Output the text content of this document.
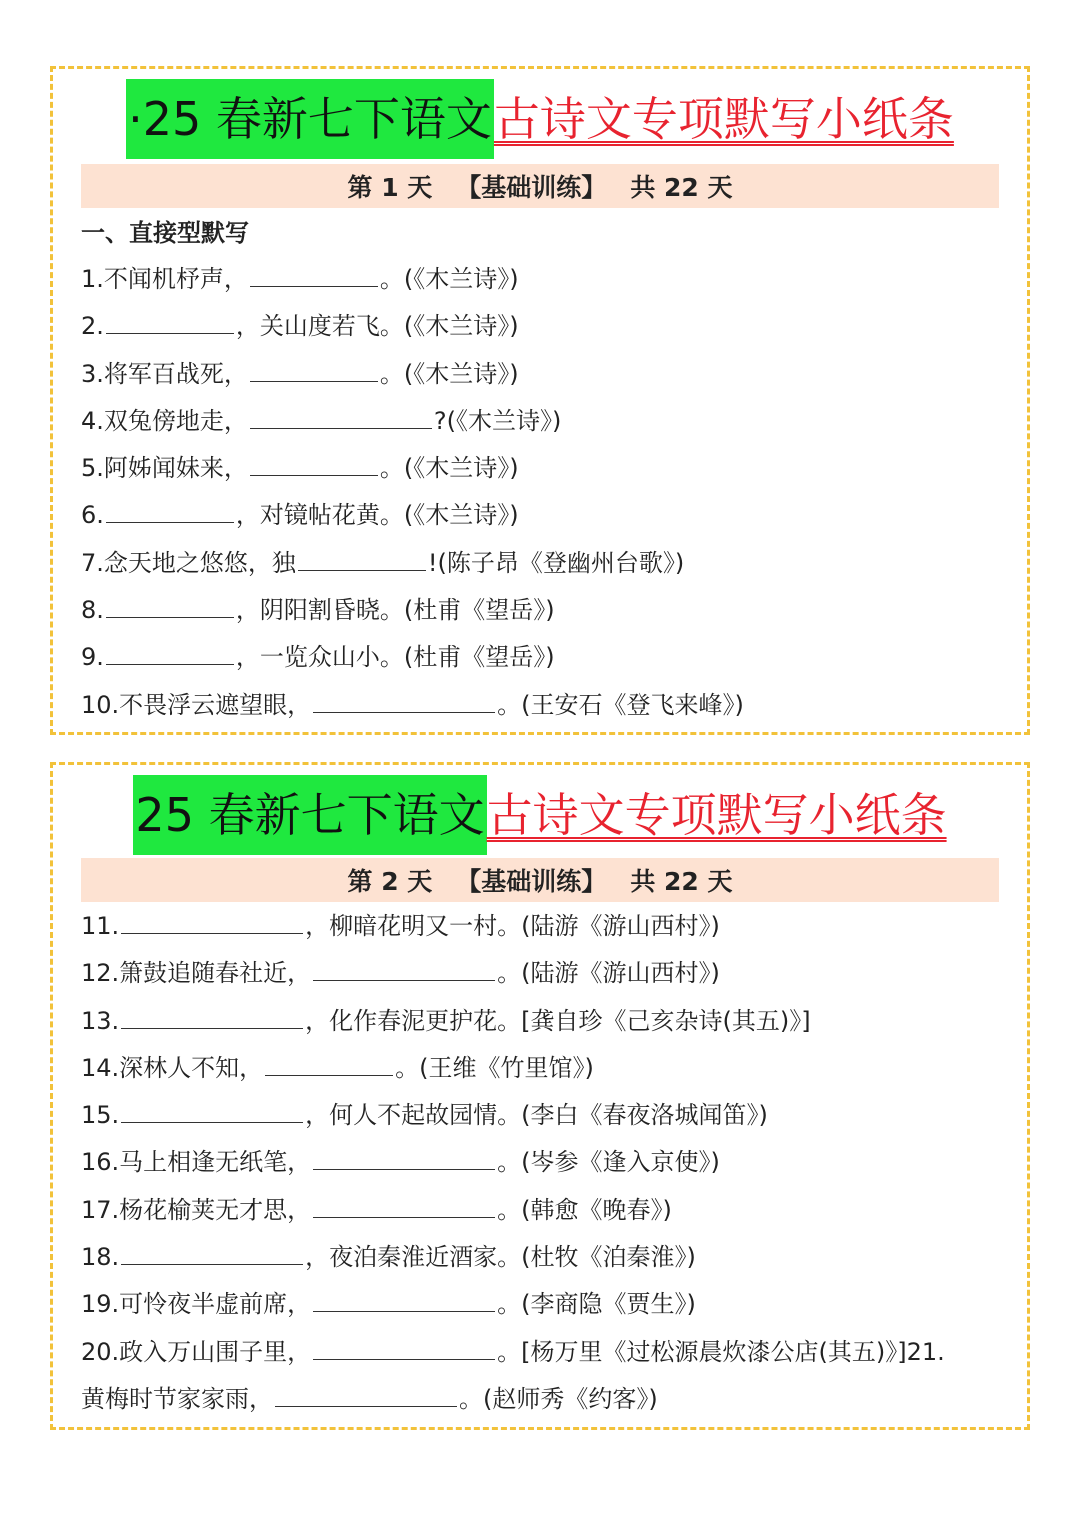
·25 春新七下语文 古诗文专项默写小纸条
第 1 天 【基础训练】 共 22 天
一、直接型默写
1.不闻机杼声，	。(《木兰诗》)
2.	，关山度若飞。(《木兰诗》)
3.将军百战死，	。(《木兰诗》)
4.双兔傍地走，	?(《木兰诗》)
5.阿姊闻妹来，	。(《木兰诗》)
6.	，对镜帖花黄。(《木兰诗》)
7.念天地之悠悠，独	!(陈子昂《登幽州台歌》)
8.	，阴阳割昏晓。(杜甫《望岳》)
9.	，一览众山小。(杜甫《望岳》)
10.不畏浮云遮望眼，	。(王安石《登飞来峰》)
25 春新七下语文 古诗文专项默写小纸条
第 2 天 【基础训练】 共 22 天
11.	，柳暗花明又一村。(陆游《游山西村》)
12.箫鼓追随春社近，	。(陆游《游山西村》)
13.	，化作春泥更护花。[龚自珍《己亥杂诗(其五)》]
14.深林人不知，	。(王维《竹里馆》)
15.	，何人不起故园情。(李白《春夜洛城闻笛》)
16.马上相逢无纸笔，	。(岑参《逢入京使》)
17.杨花榆荚无才思，	。(韩愈《晚春》)
18.	，夜泊秦淮近酒家。(杜牧《泊秦淮》)
19.可怜夜半虚前席，	。(李商隐《贾生》)
20.政入万山围子里，	。[杨万里《过松源晨炊漆公店(其五)》]21.
黄梅时节家家雨，	。(赵师秀《约客》)
